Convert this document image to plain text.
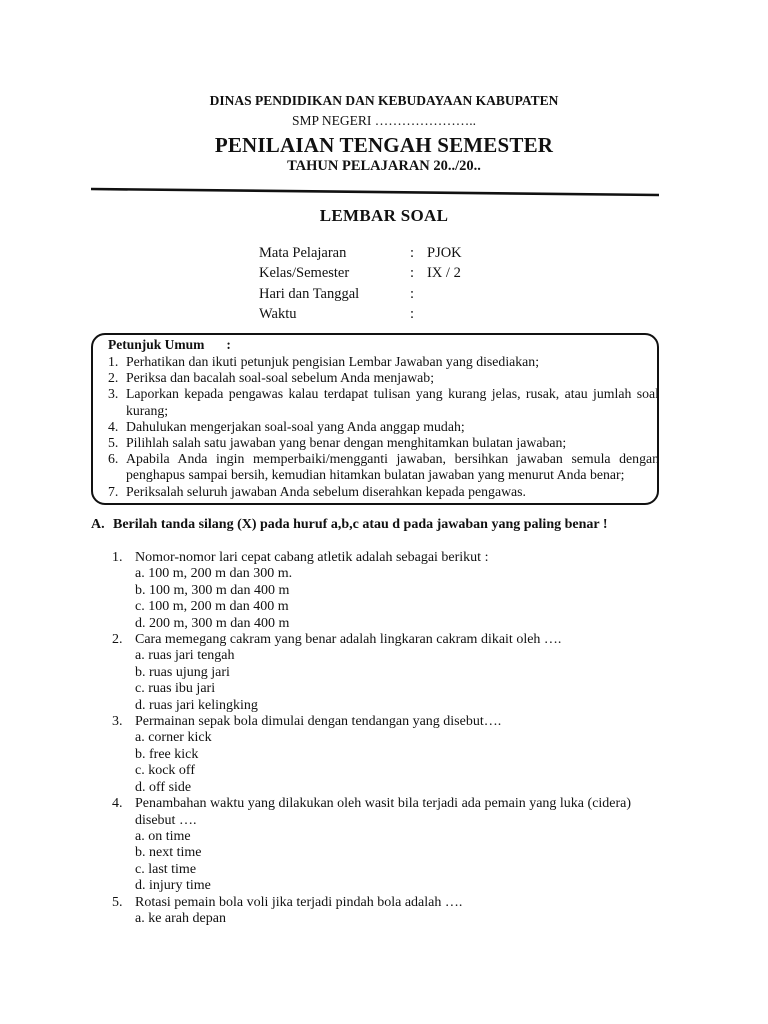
DINAS PENDIDIKAN DAN KEBUDAYAAN KABUPATEN
SMP NEGERI …………………..
PENILAIAN TENGAH SEMESTER
TAHUN PELAJARAN 20../20..
LEMBAR SOAL
Mata Pelajaran	: PJOK
Kelas/Semester	: IX / 2
Hari dan Tanggal	:
Waktu	:
Petunjuk Umum :
1. Perhatikan dan ikuti petunjuk pengisian Lembar Jawaban yang disediakan;
2. Periksa dan bacalah soal-soal sebelum Anda menjawab;
3. Laporkan kepada pengawas kalau terdapat tulisan yang kurang jelas, rusak, atau jumlah soal kurang;
4. Dahulukan mengerjakan soal-soal yang Anda anggap mudah;
5. Pilihlah salah satu jawaban yang benar dengan menghitamkan bulatan jawaban;
6. Apabila Anda ingin memperbaiki/mengganti jawaban, bersihkan jawaban semula dengan penghapus sampai bersih, kemudian hitamkan bulatan jawaban yang menurut Anda benar;
7. Periksalah seluruh jawaban Anda sebelum diserahkan kepada pengawas.
A. Berilah tanda silang (X) pada huruf a,b,c atau d pada jawaban yang paling benar !
1. Nomor-nomor lari cepat cabang atletik adalah sebagai berikut :
a. 100 m, 200 m dan 300 m.
b. 100 m, 300 m dan 400 m
c. 100 m, 200 m dan 400 m
d. 200 m, 300 m dan 400 m
2. Cara memegang cakram yang benar adalah lingkaran cakram dikait oleh ….
a. ruas jari tengah
b. ruas ujung jari
c. ruas ibu jari
d. ruas jari kelingking
3. Permainan sepak bola dimulai dengan tendangan yang disebut….
a. corner kick
b. free kick
c. kock off
d. off side
4. Penambahan waktu yang dilakukan oleh wasit bila terjadi ada pemain yang luka (cidera) disebut ….
a. on time
b. next time
c. last time
d. injury time
5. Rotasi pemain bola voli jika terjadi pindah bola adalah ….
a. ke arah depan
